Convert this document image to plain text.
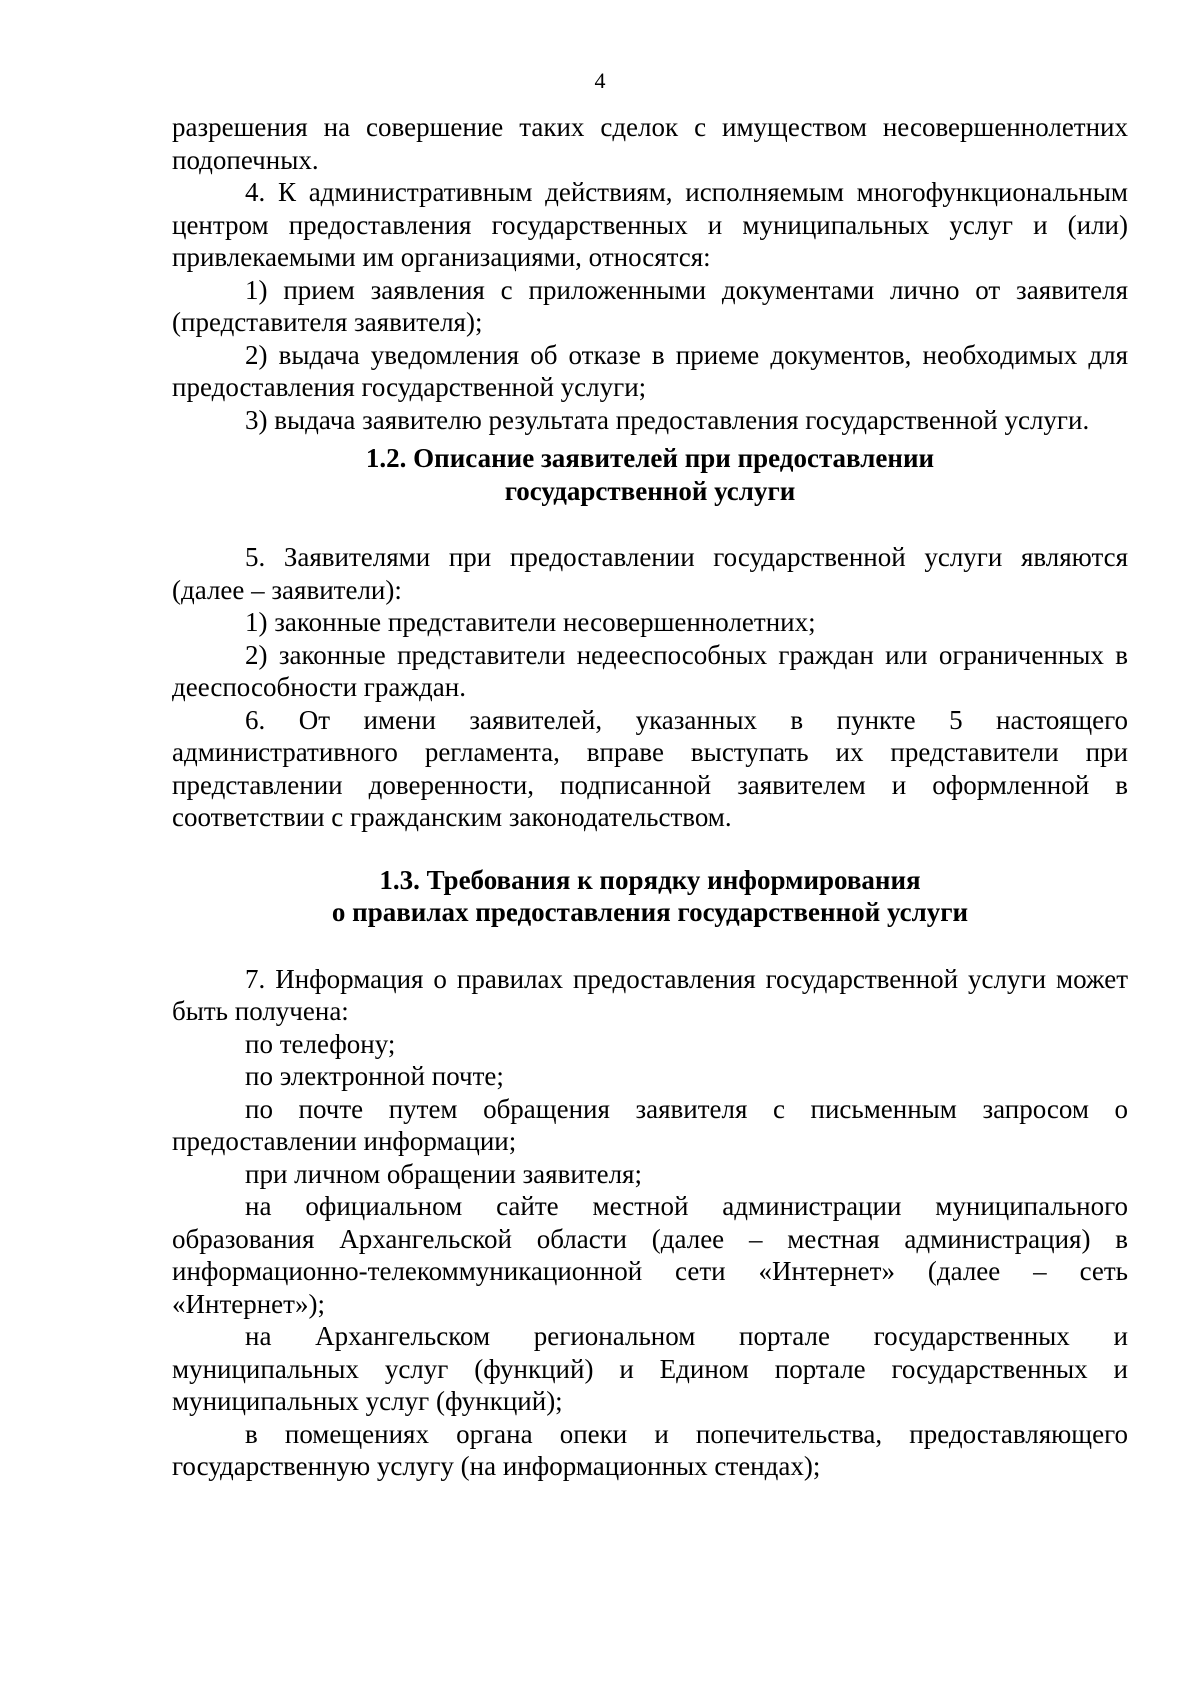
4

разрешения на совершение таких сделок с имуществом несовершеннолетних подопечных.

4. К административным действиям, исполняемым многофункциональным центром предоставления государственных и муниципальных услуг и (или) привлекаемыми им организациями, относятся:

1) прием заявления с приложенными документами лично от заявителя (представителя заявителя);

2) выдача уведомления об отказе в приеме документов, необходимых для предоставления государственной услуги;

3) выдача заявителю результата предоставления государственной услуги.

1.2. Описание заявителей при предоставлении
государственной услуги

5. Заявителями при предоставлении государственной услуги являются (далее – заявители):

1) законные представители несовершеннолетних;

2) законные представители недееспособных граждан или ограниченных в дееспособности граждан.

6. От имени заявителей, указанных в пункте 5 настоящего административного регламента, вправе выступать их представители при представлении доверенности, подписанной заявителем и оформленной в соответствии с гражданским законодательством.

1.3. Требования к порядку информирования
о правилах предоставления государственной услуги

7. Информация о правилах предоставления государственной услуги может быть получена:

по телефону;

по электронной почте;

по почте путем обращения заявителя с письменным запросом о предоставлении информации;

при личном обращении заявителя;

на официальном сайте местной администрации муниципального образования Архангельской области (далее – местная администрация) в информационно-телекоммуникационной сети «Интернет» (далее – сеть «Интернет»);

на Архангельском региональном портале государственных и муниципальных услуг (функций) и Едином портале государственных и муниципальных услуг (функций);

в помещениях органа опеки и попечительства, предоставляющего государственную услугу (на информационных стендах);
